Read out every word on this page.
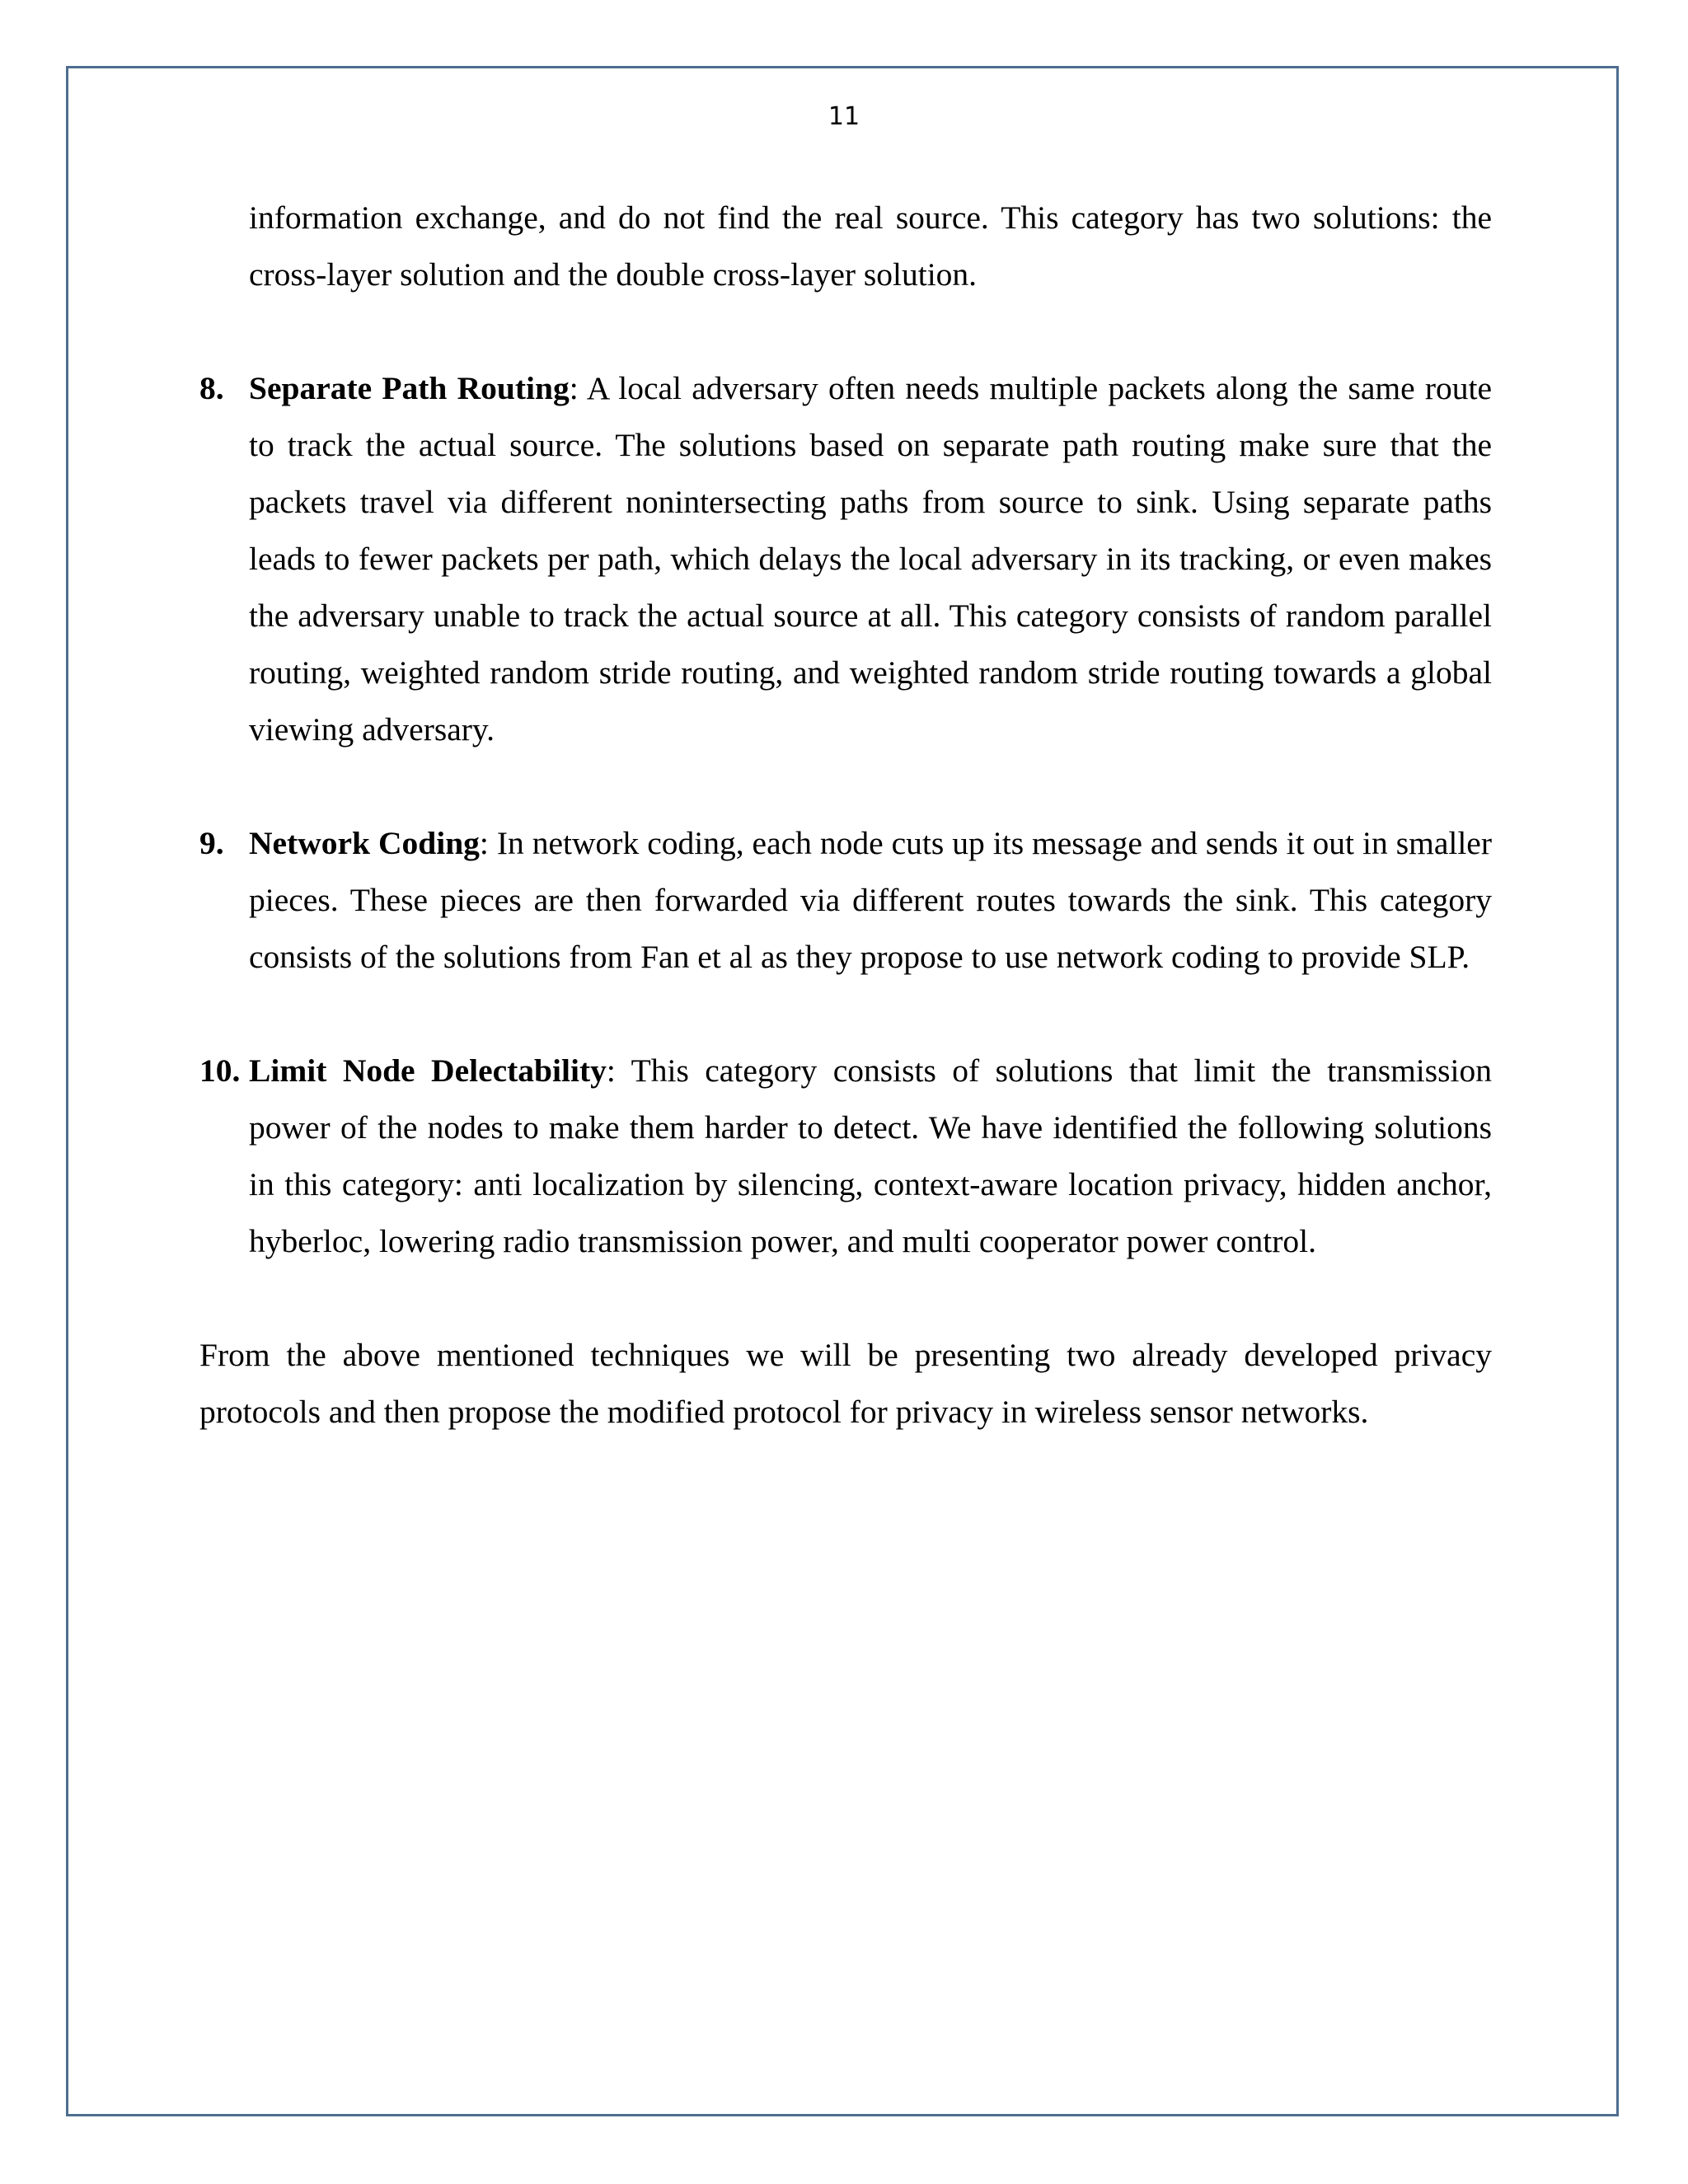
11

information exchange, and do not find the real source. This category has two solutions: the cross-layer solution and the double cross-layer solution.

8. Separate Path Routing: A local adversary often needs multiple packets along the same route to track the actual source. The solutions based on separate path routing make sure that the packets travel via different nonintersecting paths from source to sink. Using separate paths leads to fewer packets per path, which delays the local adversary in its tracking, or even makes the adversary unable to track the actual source at all. This category consists of random parallel routing, weighted random stride routing, and weighted random stride routing towards a global viewing adversary.

9. Network Coding: In network coding, each node cuts up its message and sends it out in smaller pieces. These pieces are then forwarded via different routes towards the sink. This category consists of the solutions from Fan et al as they propose to use network coding to provide SLP.

10. Limit Node Delectability: This category consists of solutions that limit the transmission power of the nodes to make them harder to detect. We have identified the following solutions in this category: anti localization by silencing, context-aware location privacy, hidden anchor, hyberloc, lowering radio transmission power, and multi cooperator power control.

From the above mentioned techniques we will be presenting two already developed privacy protocols and then propose the modified protocol for privacy in wireless sensor networks.
